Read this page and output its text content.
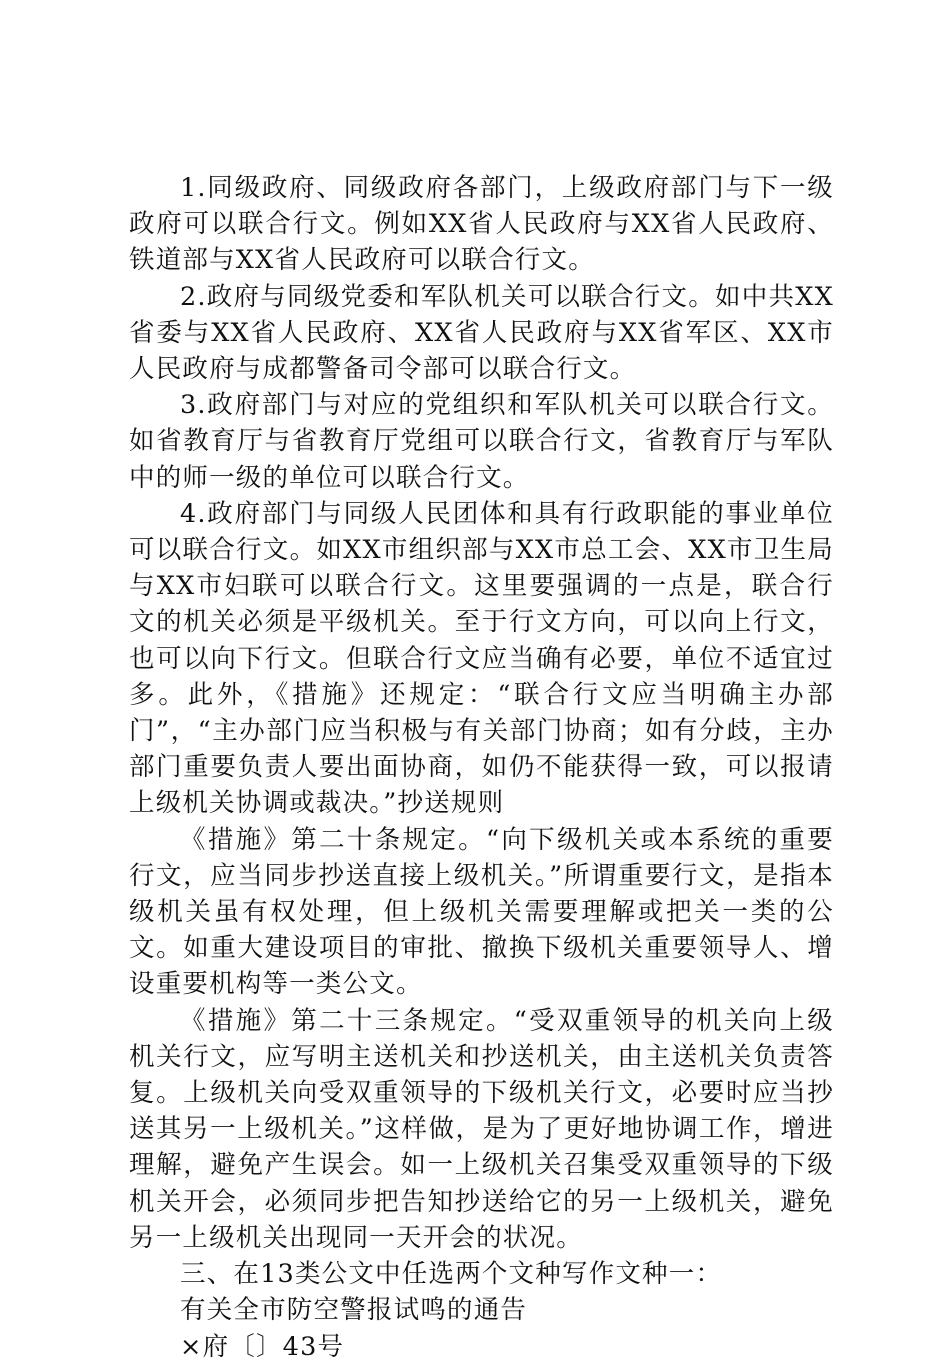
1.同级政府、同级政府各部门，上级政府部门与下一级政府可以联合行文。例如XX省人民政府与XX省人民政府、铁道部与XX省人民政府可以联合行文。

2.政府与同级党委和军队机关可以联合行文。如中共XX省委与XX省人民政府、XX省人民政府与XX省军区、XX市人民政府与成都警备司令部可以联合行文。

3.政府部门与对应的党组织和军队机关可以联合行文。如省教育厅与省教育厅党组可以联合行文，省教育厅与军队中的师一级的单位可以联合行文。

4.政府部门与同级人民团体和具有行政职能的事业单位可以联合行文。如XX市组织部与XX市总工会、XX市卫生局与XX市妇联可以联合行文。这里要强调的一点是，联合行文的机关必须是平级机关。至于行文方向，可以向上行文，也可以向下行文。但联合行文应当确有必要，单位不适宜过多。此外，《措施》还规定：“联合行文应当明确主办部门”，“主办部门应当积极与有关部门协商；如有分歧，主办部门重要负责人要出面协商，如仍不能获得一致，可以报请上级机关协调或裁决。”抄送规则

《措施》第二十条规定。“向下级机关或本系统的重要行文，应当同步抄送直接上级机关。”所谓重要行文，是指本级机关虽有权处理，但上级机关需要理解或把关一类的公文。如重大建设项目的审批、撤换下级机关重要领导人、增设重要机构等一类公文。

《措施》第二十三条规定。“受双重领导的机关向上级机关行文，应写明主送机关和抄送机关，由主送机关负责答复。上级机关向受双重领导的下级机关行文，必要时应当抄送其另一上级机关。”这样做，是为了更好地协调工作，增进理解，避免产生误会。如一上级机关召集受双重领导的下级机关开会，必须同步把告知抄送给它的另一上级机关，避免另一上级机关出现同一天开会的状况。

三、在13类公文中任选两个文种写作文种一：

有关全市防空警报试鸣的通告

×府〔〕43号
